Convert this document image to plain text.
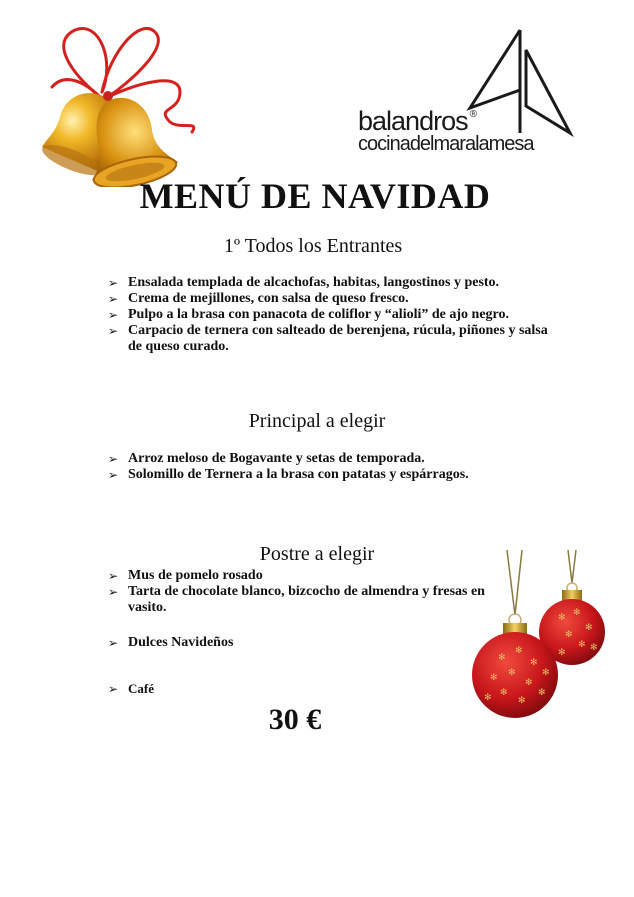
balandros ®
cocinadelmaralamesa
MENÚ DE NAVIDAD
1º Todos los Entrantes
➢ Ensalada templada de alcachofas, habitas, langostinos y pesto.
➢ Crema de mejillones, con salsa de queso fresco.
➢ Pulpo a la brasa con panacota de coliflor y “alioli” de ajo negro.
➢ Carpacio de ternera con salteado de berenjena, rúcula, piñones y salsa de queso curado.
Principal a elegir
➢ Arroz meloso de Bogavante y setas de temporada.
➢ Solomillo de Ternera a la brasa con patatas y espárragos.
Postre a elegir
➢ Mus de pomelo rosado
➢ Tarta de chocolate blanco, bizcocho de almendra y fresas en vasito.
➢ Dulces Navideños
➢ Café
30 €
✻
✻
✻
✻ ✻
✻
✻
✻
✻
✻
✻
✻ ✻
✻
✻
✻
✻	✻
